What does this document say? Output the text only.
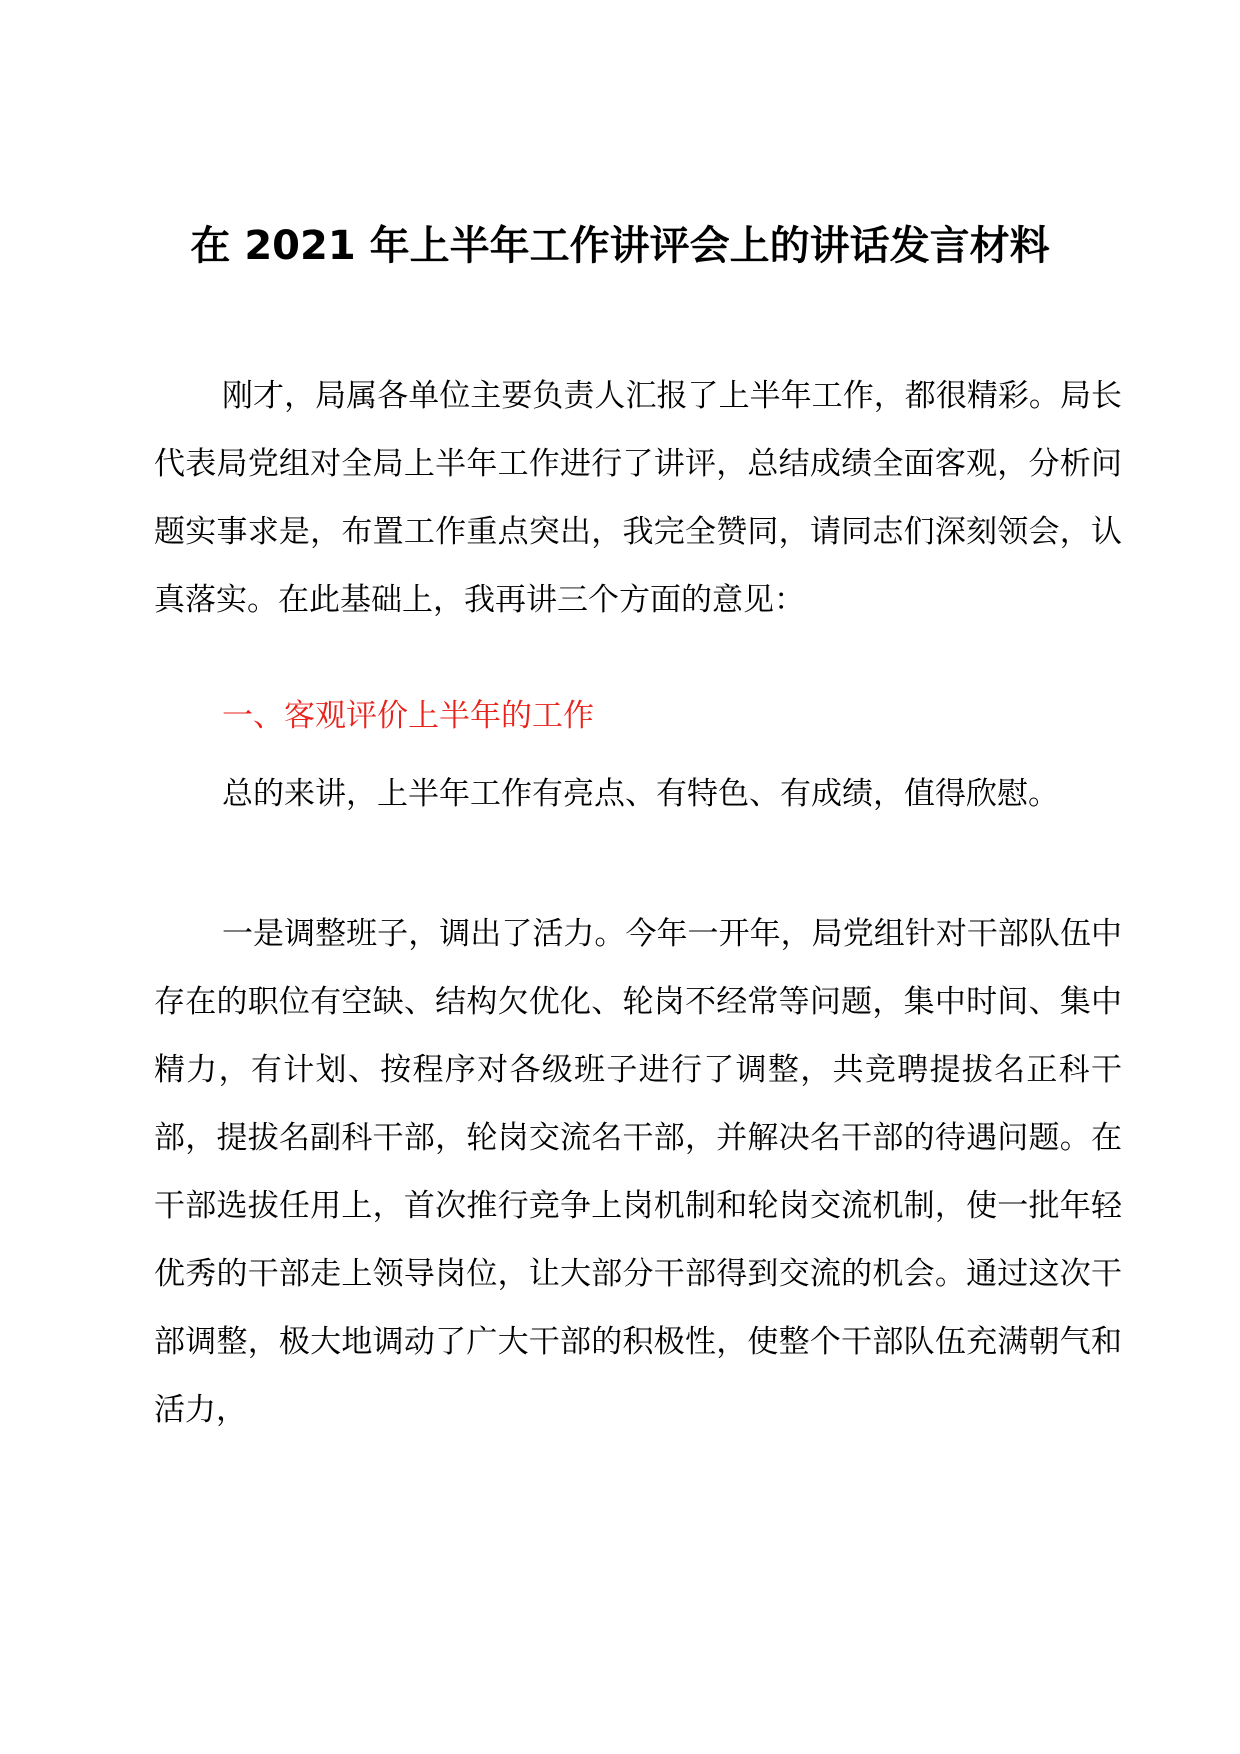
在 2021 年上半年工作讲评会上的讲话发言材料

刚才，局属各单位主要负责人汇报了上半年工作，都很精彩。局长代表局党组对全局上半年工作进行了讲评，总结成绩全面客观，分析问题实事求是，布置工作重点突出，我完全赞同，请同志们深刻领会，认真落实。在此基础上，我再讲三个方面的意见：

一、客观评价上半年的工作

总的来讲，上半年工作有亮点、有特色、有成绩，值得欣慰。

一是调整班子，调出了活力。今年一开年，局党组针对干部队伍中存在的职位有空缺、结构欠优化、轮岗不经常等问题，集中时间、集中精力，有计划、按程序对各级班子进行了调整，共竞聘提拔名正科干部，提拔名副科干部，轮岗交流名干部，并解决名干部的待遇问题。在干部选拔任用上，首次推行竞争上岗机制和轮岗交流机制，使一批年轻优秀的干部走上领导岗位，让大部分干部得到交流的机会。通过这次干部调整，极大地调动了广大干部的积极性，使整个干部队伍充满朝气和活力，
